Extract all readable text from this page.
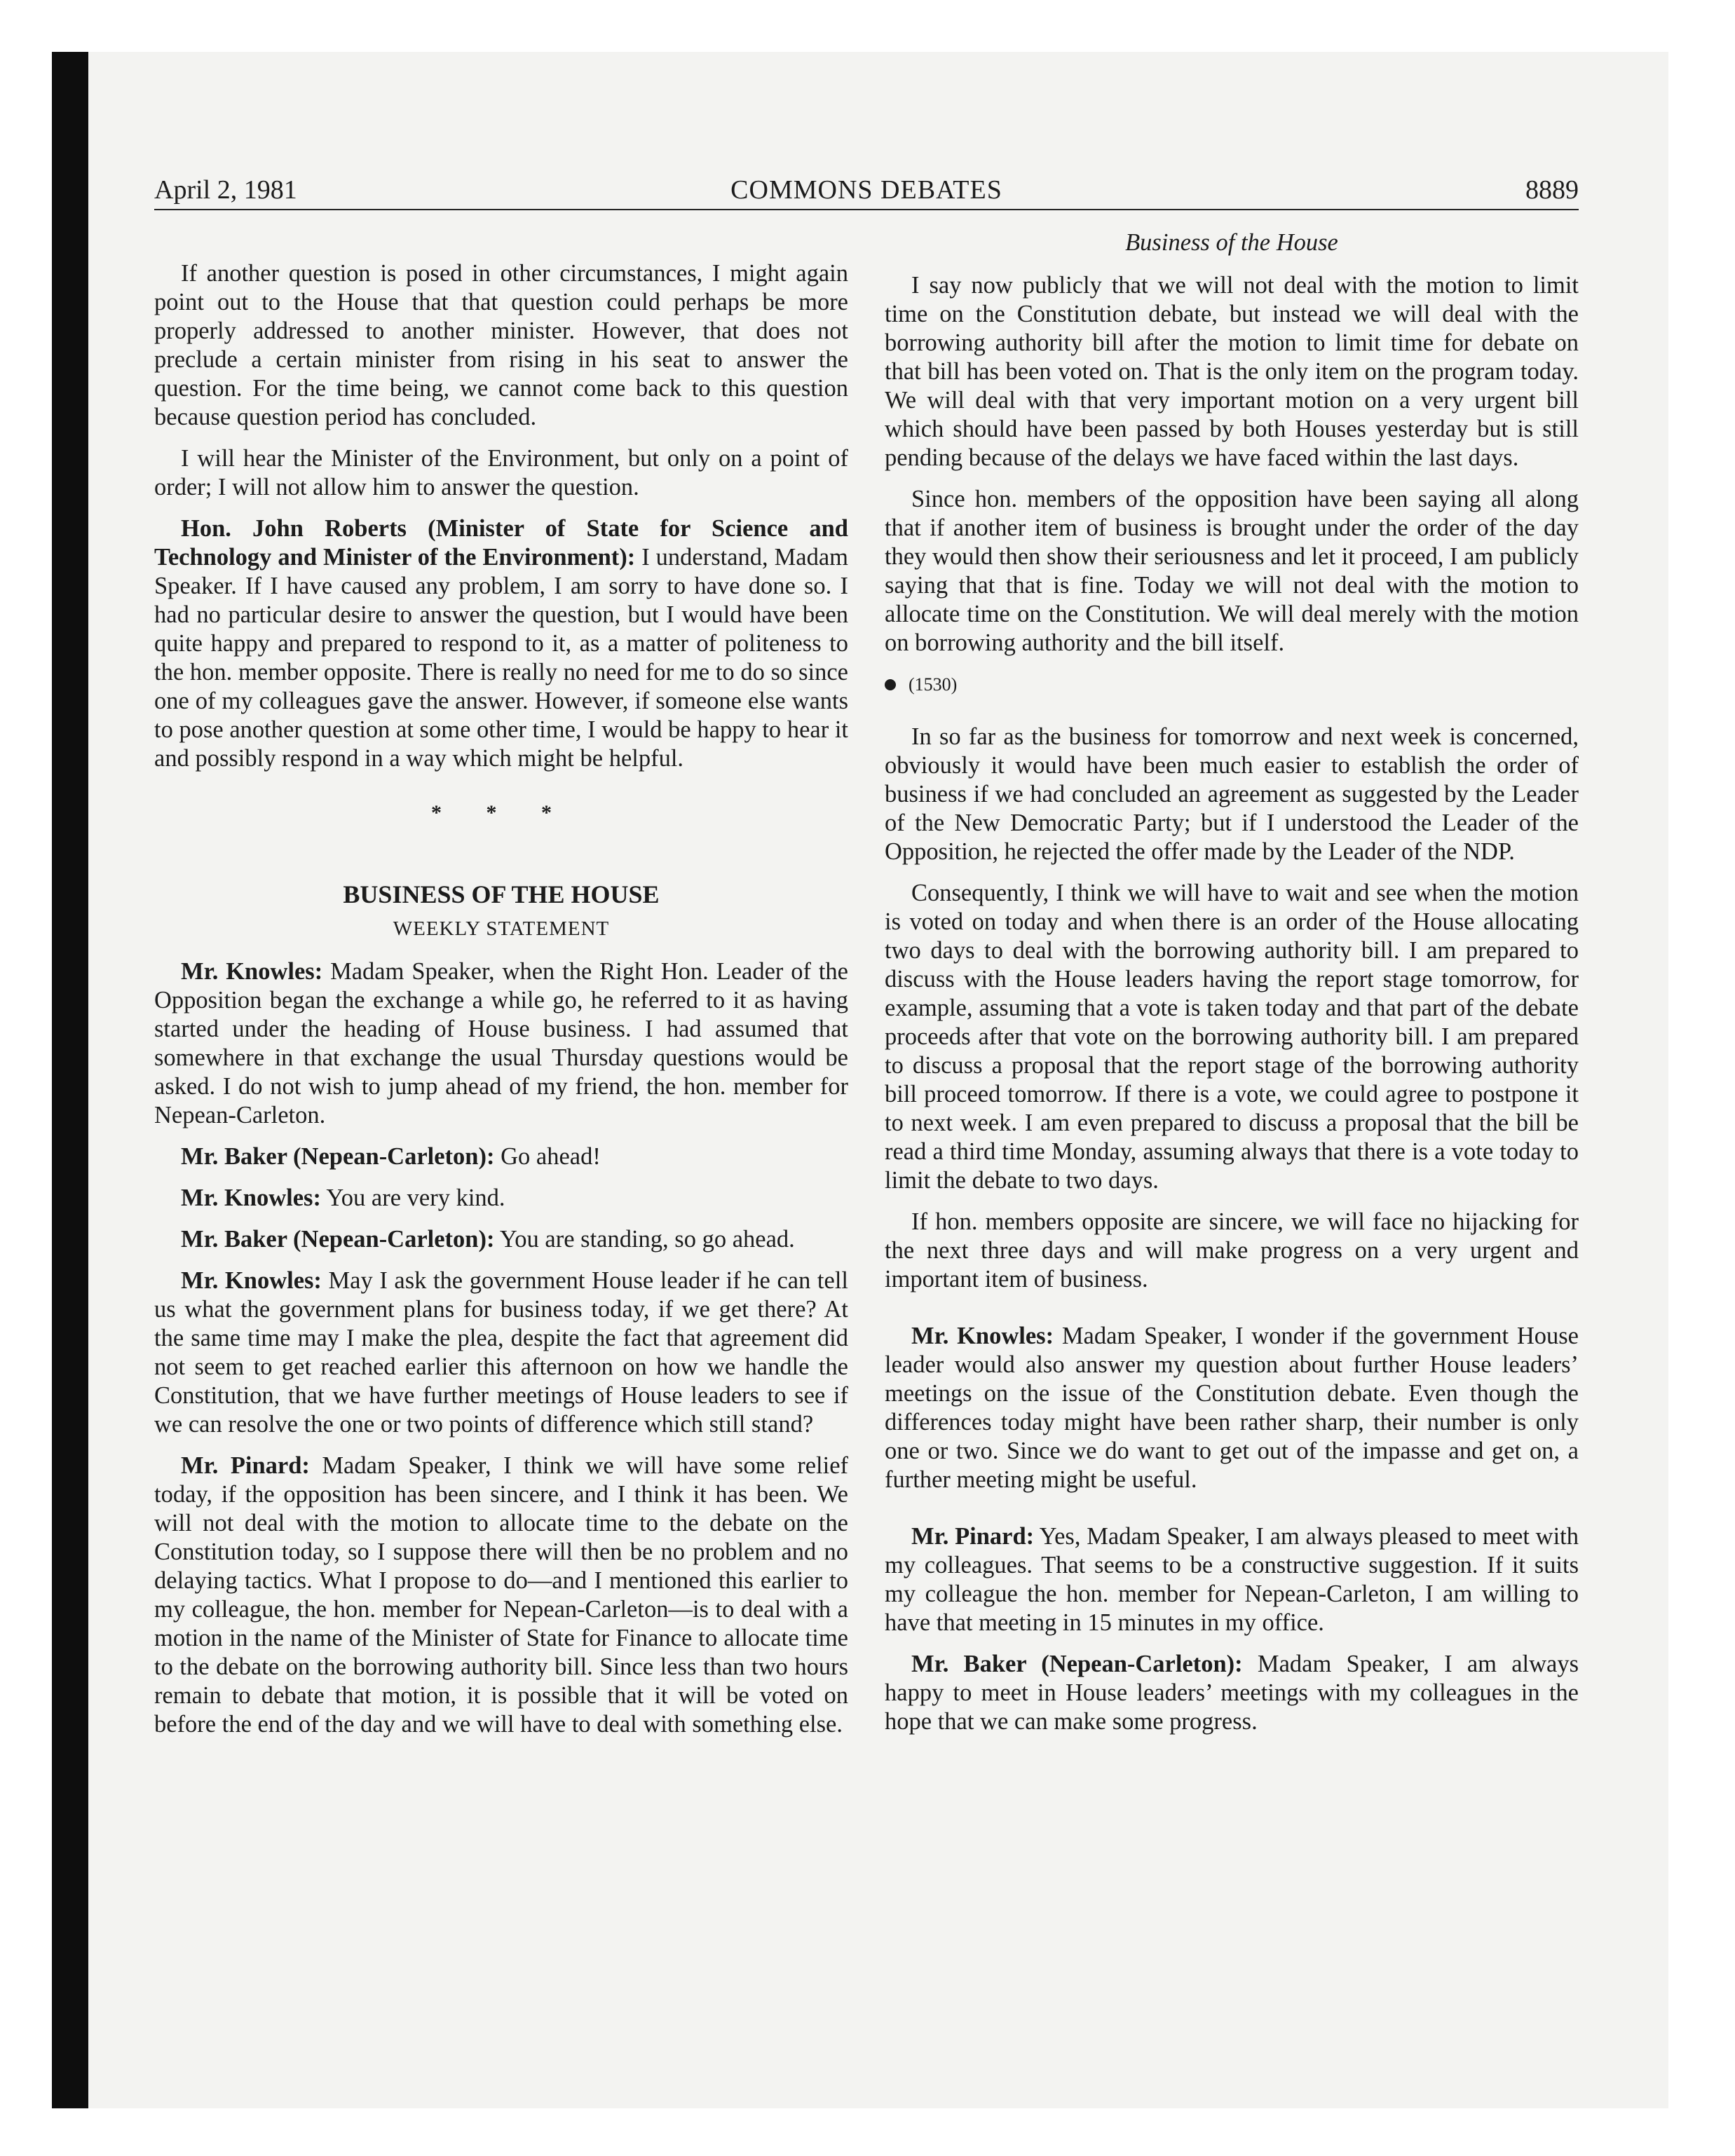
April 2, 1981	COMMONS DEBATES	8889

If another question is posed in other circumstances, I might again point out to the House that that question could perhaps be more properly addressed to another minister. However, that does not preclude a certain minister from rising in his seat to answer the question. For the time being, we cannot come back to this question because question period has concluded.

I will hear the Minister of the Environment, but only on a point of order; I will not allow him to answer the question.

Hon. John Roberts (Minister of State for Science and Technology and Minister of the Environment): I understand, Madam Speaker. If I have caused any problem, I am sorry to have done so. I had no particular desire to answer the question, but I would have been quite happy and prepared to respond to it, as a matter of politeness to the hon. member opposite. There is really no need for me to do so since one of my colleagues gave the answer. However, if someone else wants to pose another question at some other time, I would be happy to hear it and possibly respond in a way which might be helpful.

* * *
BUSINESS OF THE HOUSE
WEEKLY STATEMENT

Mr. Knowles: Madam Speaker, when the Right Hon. Leader of the Opposition began the exchange a while go, he referred to it as having started under the heading of House business. I had assumed that somewhere in that exchange the usual Thursday questions would be asked. I do not wish to jump ahead of my friend, the hon. member for Nepean-Carleton.

Mr. Baker (Nepean-Carleton): Go ahead!

Mr. Knowles: You are very kind.

Mr. Baker (Nepean-Carleton): You are standing, so go ahead.

Mr. Knowles: May I ask the government House leader if he can tell us what the government plans for business today, if we get there? At the same time may I make the plea, despite the fact that agreement did not seem to get reached earlier this afternoon on how we handle the Constitution, that we have further meetings of House leaders to see if we can resolve the one or two points of difference which still stand?

Mr. Pinard: Madam Speaker, I think we will have some relief today, if the opposition has been sincere, and I think it has been. We will not deal with the motion to allocate time to the debate on the Constitution today, so I suppose there will then be no problem and no delaying tactics. What I propose to do—and I mentioned this earlier to my colleague, the hon. member for Nepean-Carleton—is to deal with a motion in the name of the Minister of State for Finance to allocate time to the debate on the borrowing authority bill. Since less than two hours remain to debate that motion, it is possible that it will be voted on before the end of the day and we will have to deal with something else.

Business of the House

I say now publicly that we will not deal with the motion to limit time on the Constitution debate, but instead we will deal with the borrowing authority bill after the motion to limit time for debate on that bill has been voted on. That is the only item on the program today. We will deal with that very important motion on a very urgent bill which should have been passed by both Houses yesterday but is still pending because of the delays we have faced within the last days.

Since hon. members of the opposition have been saying all along that if another item of business is brought under the order of the day they would then show their seriousness and let it proceed, I am publicly saying that that is fine. Today we will not deal with the motion to allocate time on the Constitution. We will deal merely with the motion on borrowing authority and the bill itself.

(1530)

In so far as the business for tomorrow and next week is concerned, obviously it would have been much easier to establish the order of business if we had concluded an agreement as suggested by the Leader of the New Democratic Party; but if I understood the Leader of the Opposition, he rejected the offer made by the Leader of the NDP.

Consequently, I think we will have to wait and see when the motion is voted on today and when there is an order of the House allocating two days to deal with the borrowing authority bill. I am prepared to discuss with the House leaders having the report stage tomorrow, for example, assuming that a vote is taken today and that part of the debate proceeds after that vote on the borrowing authority bill. I am prepared to discuss a proposal that the report stage of the borrowing authority bill proceed tomorrow. If there is a vote, we could agree to postpone it to next week. I am even prepared to discuss a proposal that the bill be read a third time Monday, assuming always that there is a vote today to limit the debate to two days.

If hon. members opposite are sincere, we will face no hijacking for the next three days and will make progress on a very urgent and important item of business.

Mr. Knowles: Madam Speaker, I wonder if the government House leader would also answer my question about further House leaders’ meetings on the issue of the Constitution debate. Even though the differences today might have been rather sharp, their number is only one or two. Since we do want to get out of the impasse and get on, a further meeting might be useful.

Mr. Pinard: Yes, Madam Speaker, I am always pleased to meet with my colleagues. That seems to be a constructive suggestion. If it suits my colleague the hon. member for Nepean-Carleton, I am willing to have that meeting in 15 minutes in my office.

Mr. Baker (Nepean-Carleton): Madam Speaker, I am always happy to meet in House leaders’ meetings with my colleagues in the hope that we can make some progress.
